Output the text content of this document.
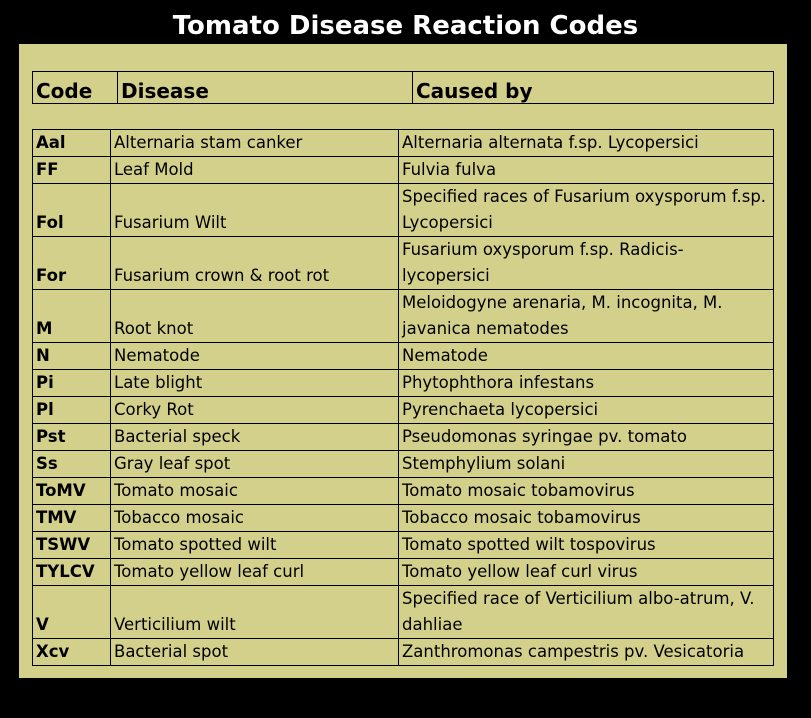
Tomato Disease Reaction Codes
Code	Disease	Caused by
Aal	Alternaria stam canker	Alternaria alternata f.sp. Lycopersici
FF	Leaf Mold	Fulvia fulva
Fol	Fusarium Wilt	Specified races of Fusarium oxysporum f.sp. Lycopersici
For	Fusarium crown & root rot	Fusarium oxysporum f.sp. Radicis-lycopersici
M	Root knot	Meloidogyne arenaria, M. incognita, M. javanica nematodes
N	Nematode	Nematode
Pi	Late blight	Phytophthora infestans
Pl	Corky Rot	Pyrenchaeta lycopersici
Pst	Bacterial speck	Pseudomonas syringae pv. tomato
Ss	Gray leaf spot	Stemphylium solani
ToMV	Tomato mosaic	Tomato mosaic tobamovirus
TMV	Tobacco mosaic	Tobacco mosaic tobamovirus
TSWV	Tomato spotted wilt	Tomato spotted wilt tospovirus
TYLCV	Tomato yellow leaf curl	Tomato yellow leaf curl virus
V	Verticilium wilt	Specified race of Verticilium albo-atrum, V. dahliae
Xcv	Bacterial spot	Zanthromonas campestris pv. Vesicatoria
